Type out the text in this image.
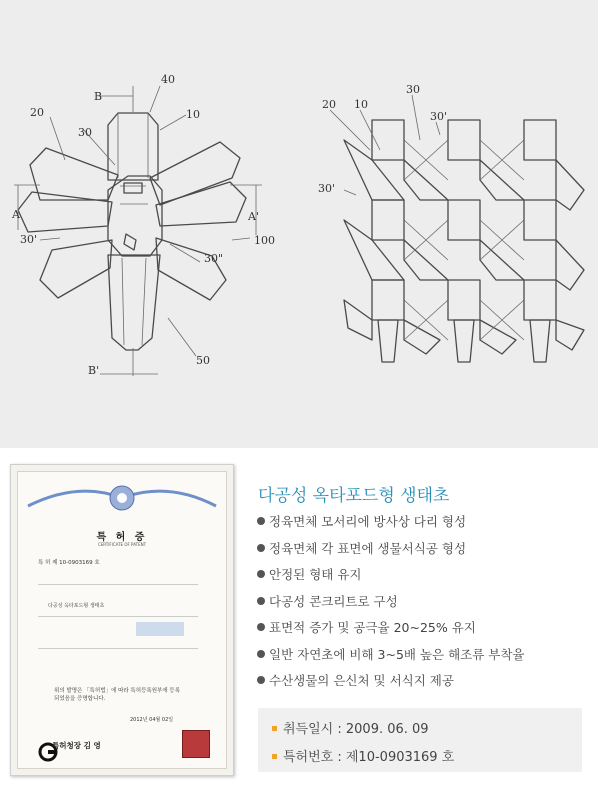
40
B
20	10
30
A	A'
30'	100
30"
50
B'
20 10
30
30'
30'
특 허 증
CERTIFICATE OF PATENT
특 허 제 10-0903169 호
다공성 옥타포드형 생태초
위의 발명은 「특허법」에 따라 특허등록원부에 등록
되었음을 증명합니다.
2012년 04월 02일
특허청장 김 영
다공성 옥타포드형 생태초
정육면체 모서리에 방사상 다리 형성
정육면체 각 표면에 생물서식공 형성
안정된 형태 유지
다공성 콘크리트로 구성
표면적 증가 및 공극율 20~25% 유지
일반 자연초에 비해 3~5배 높은 해조류 부착율
수산생물의 은신처 및 서식지 제공
취득일시 : 2009. 06. 09
특허번호 : 제10-0903169 호
